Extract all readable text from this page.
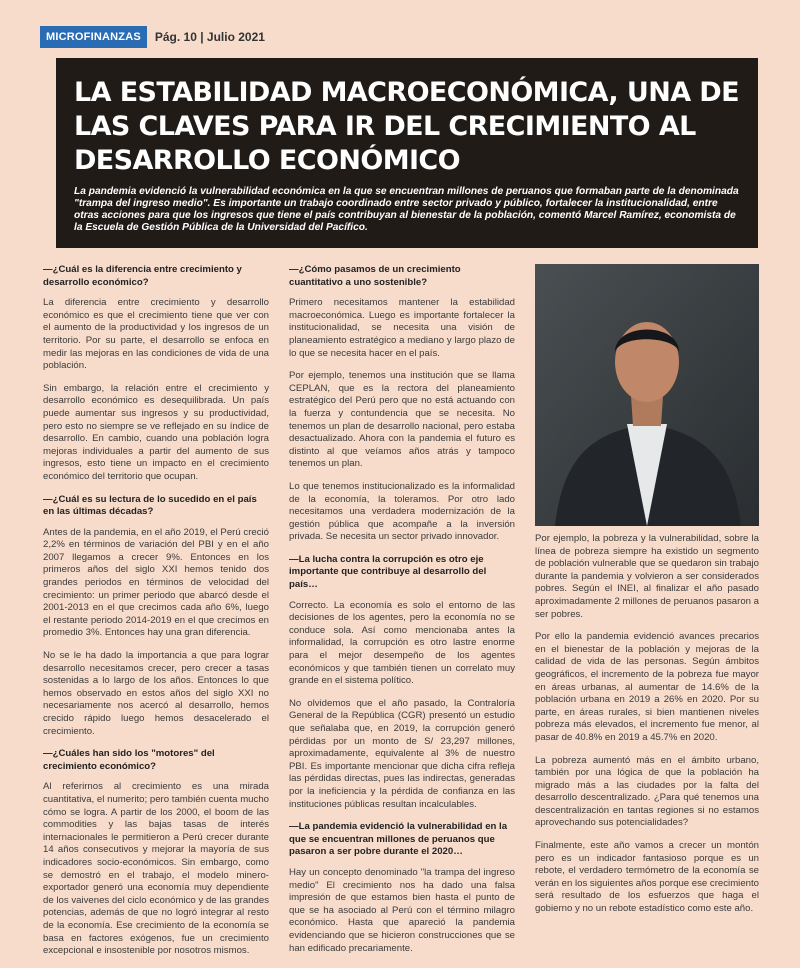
MICROFINANZAS	Pág. 10 | Julio 2021
LA ESTABILIDAD MACROECONÓMICA, UNA DE LAS CLAVES PARA IR DEL CRECIMIENTO AL DESARROLLO ECONÓMICO

La pandemia evidenció la vulnerabilidad económica en la que se encuentran millones de peruanos que formaban parte de la denominada "trampa del ingreso medio". Es importante un trabajo coordinado entre sector privado y público, fortalecer la institucionalidad, entre otras acciones para que los ingresos que tiene el país contribuyan al bienestar de la población, comentó Marcel Ramírez, economista de la Escuela de Gestión Pública de la Universidad del Pacífico.

—¿Cuál es la diferencia entre crecimiento y desarrollo económico?

La diferencia entre crecimiento y desarrollo económico es que el crecimiento tiene que ver con el aumento de la productividad y los ingresos de un territorio. Por su parte, el desarrollo se enfoca en medir las mejoras en las condiciones de vida de una población.

Sin embargo, la relación entre el crecimiento y desarrollo económico es desequilibrada. Un país puede aumentar sus ingresos y su productividad, pero esto no siempre se ve reflejado en su índice de desarrollo. En cambio, cuando una población logra mejoras individuales a partir del aumento de sus ingresos, esto tiene un impacto en el crecimiento económico del territorio que ocupan.

—¿Cuál es su lectura de lo sucedido en el país en las últimas décadas?

Antes de la pandemia, en el año 2019, el Perú creció 2,2% en términos de variación del PBI y en el año 2007 llegamos a crecer 9%. Entonces en los primeros años del siglo XXI hemos tenido dos grandes periodos en términos de velocidad del crecimiento: un primer periodo que abarcó desde el 2001-2013 en el que crecimos cada año 6%, luego el restante periodo 2014-2019 en el que crecimos en promedio 3%. Entonces hay una gran diferencia.

No se le ha dado la importancia a que para lograr desarrollo necesitamos crecer, pero crecer a tasas sostenidas a lo largo de los años. Entonces lo que hemos observado en estos años del siglo XXI no necesariamente nos acercó al desarrollo, hemos crecido rápido luego hemos desacelerado el crecimiento.

—¿Cuáles han sido los "motores" del crecimiento económico?

Al referirnos al crecimiento es una mirada cuantitativa, el numerito; pero también cuenta mucho cómo se logra. A partir de los 2000, el boom de las commodities y las bajas tasas de interés internacionales le permitieron a Perú crecer durante 14 años consecutivos y mejorar la mayoría de sus indicadores socio-económicos. Sin embargo, como se demostró en el trabajo, el modelo minero-exportador generó una economía muy dependiente de los vaivenes del ciclo económico y de las grandes potencias, además de que no logró integrar al resto de la economía. Ese crecimiento de la economía se basa en factores exógenos, fue un crecimiento excepcional e insostenible por nosotros mismos.

—¿Cómo pasamos de un crecimiento cuantitativo a uno sostenible?

Primero necesitamos mantener la estabilidad macroeconómica. Luego es importante fortalecer la institucionalidad, se necesita una visión de planeamiento estratégico a mediano y largo plazo de lo que se necesita hacer en el país.

Por ejemplo, tenemos una institución que se llama CEPLAN, que es la rectora del planeamiento estratégico del Perú pero que no está actuando con la fuerza y contundencia que se necesita. No tenemos un plan de desarrollo nacional, pero estaba desactualizado. Ahora con la pandemia el futuro es distinto al que veíamos años atrás y tampoco tenemos un plan.

Lo que tenemos institucionalizado es la informalidad de la economía, la toleramos. Por otro lado necesitamos una verdadera modernización de la gestión pública que acompañe a la inversión privada. Se necesita un sector privado innovador.

—La lucha contra la corrupción es otro eje importante que contribuye al desarrollo del país…

Correcto. La economía es solo el entorno de las decisiones de los agentes, pero la economía no se conduce sola. Así como mencionaba antes la informalidad, la corrupción es otro lastre enorme para el mejor desempeño de los agentes económicos y que también tienen un correlato muy grande en el sistema político.

No olvidemos que el año pasado, la Contraloría General de la República (CGR) presentó un estudio que señalaba que, en 2019, la corrupción generó pérdidas por un monto de S/ 23,297 millones, aproximadamente, equivalente al 3% de nuestro PBI. Es importante mencionar que dicha cifra refleja las pérdidas directas, pues las indirectas, generadas por la ineficiencia y la pérdida de confianza en las instituciones públicas resultan incalculables.

—La pandemia evidenció la vulnerabilidad en la que se encuentran millones de peruanos que pasaron a ser pobre durante el 2020…

Hay un concepto denominado "la trampa del ingreso medio" El crecimiento nos ha dado una falsa impresión de que estamos bien hasta el punto de que se ha asociado al Perú con el término milagro económico. Hasta que apareció la pandemia evidenciando que se hicieron construcciones que se han edificado precariamente.

Por ejemplo, la pobreza y la vulnerabilidad, sobre la línea de pobreza siempre ha existido un segmento de población vulnerable que se quedaron sin trabajo durante la pandemia y volvieron a ser considerados pobres. Según el INEI, al finalizar el año pasado aproximadamente 2 millones de peruanos pasaron a ser pobres.

Por ello la pandemia evidenció avances precarios en el bienestar de la población y mejoras de la calidad de vida de las personas. Según ámbitos geográficos, el incremento de la pobreza fue mayor en áreas urbanas, al aumentar de 14.6% de la población urbana en 2019 a 26% en 2020. Por su parte, en áreas rurales, si bien mantienen niveles pobreza más elevados, el incremento fue menor, al pasar de 40.8% en 2019 a 45.7% en 2020.

La pobreza aumentó más en el ámbito urbano, también por una lógica de que la población ha migrado más a las ciudades por la falta del desarrollo descentralizado. ¿Para qué tenemos una descentralización en tantas regiones si no estamos aprovechando sus potencialidades?

Finalmente, este año vamos a crecer un montón pero es un indicador fantasioso porque es un rebote, el verdadero termómetro de la economía se verán en los siguientes años porque ese crecimiento será resultado de los esfuerzos que haga el gobierno y no un rebote estadístico como este año.
